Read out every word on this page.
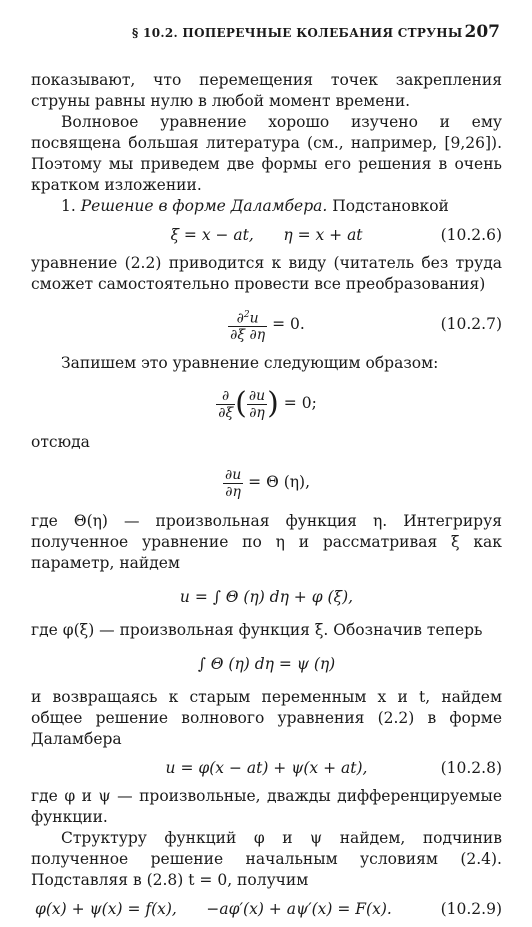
§ 10.2. ПОПЕРЕЧНЫЕ КОЛЕБАНИЯ СТРУНЫ 207

показывают, что перемещения точек закрепления струны равны нулю в любой момент времени.

Волновое уравнение хорошо изучено и ему посвящена большая литература (см., например, [9,26]). Поэтому мы приведем две формы его решения в очень кратком изложении.

1. Решение в форме Даламбера. Подстановкой

ξ = x − at,      η = x + at	(10.2.6)

уравнение (2.2) приводится к виду (читатель без труда сможет самостоятельно провести все преобразования)

$\frac{\partial^2u}{\partial\xi \partial\eta} = 0$.	(10.2.7)

Запишем это уравнение следующим образом:

$\frac{\partial}{\partial\xi}$ ( $\frac{\partial u}{\partial\eta}$ ) = 0;

отсюда

$\frac{\partial u}{\partial\eta} = \Theta$ (η),

где Θ(η) — произвольная функция η. Интегрируя полученное уравнение по η и рассматривая ξ как параметр, найдем

u = ∫ Θ (η) dη + φ (ξ),

где φ(ξ) — произвольная функция ξ. Обозначив теперь

∫ Θ (η) dη = ψ (η)

и возвращаясь к старым переменным x и t, найдем общее решение волнового уравнения (2.2) в форме Даламбера

u = φ(x − at) + ψ(x + at),	(10.2.8)

где φ и ψ — произвольные, дважды дифференцируемые функции.

Структуру функций φ и ψ найдем, подчинив полученное решение начальным условиям (2.4). Подставляя в (2.8) t = 0, получим

φ(x) + ψ(x) = f(x),      −aφ′(x) + aψ′(x) = F(x).	(10.2.9)
